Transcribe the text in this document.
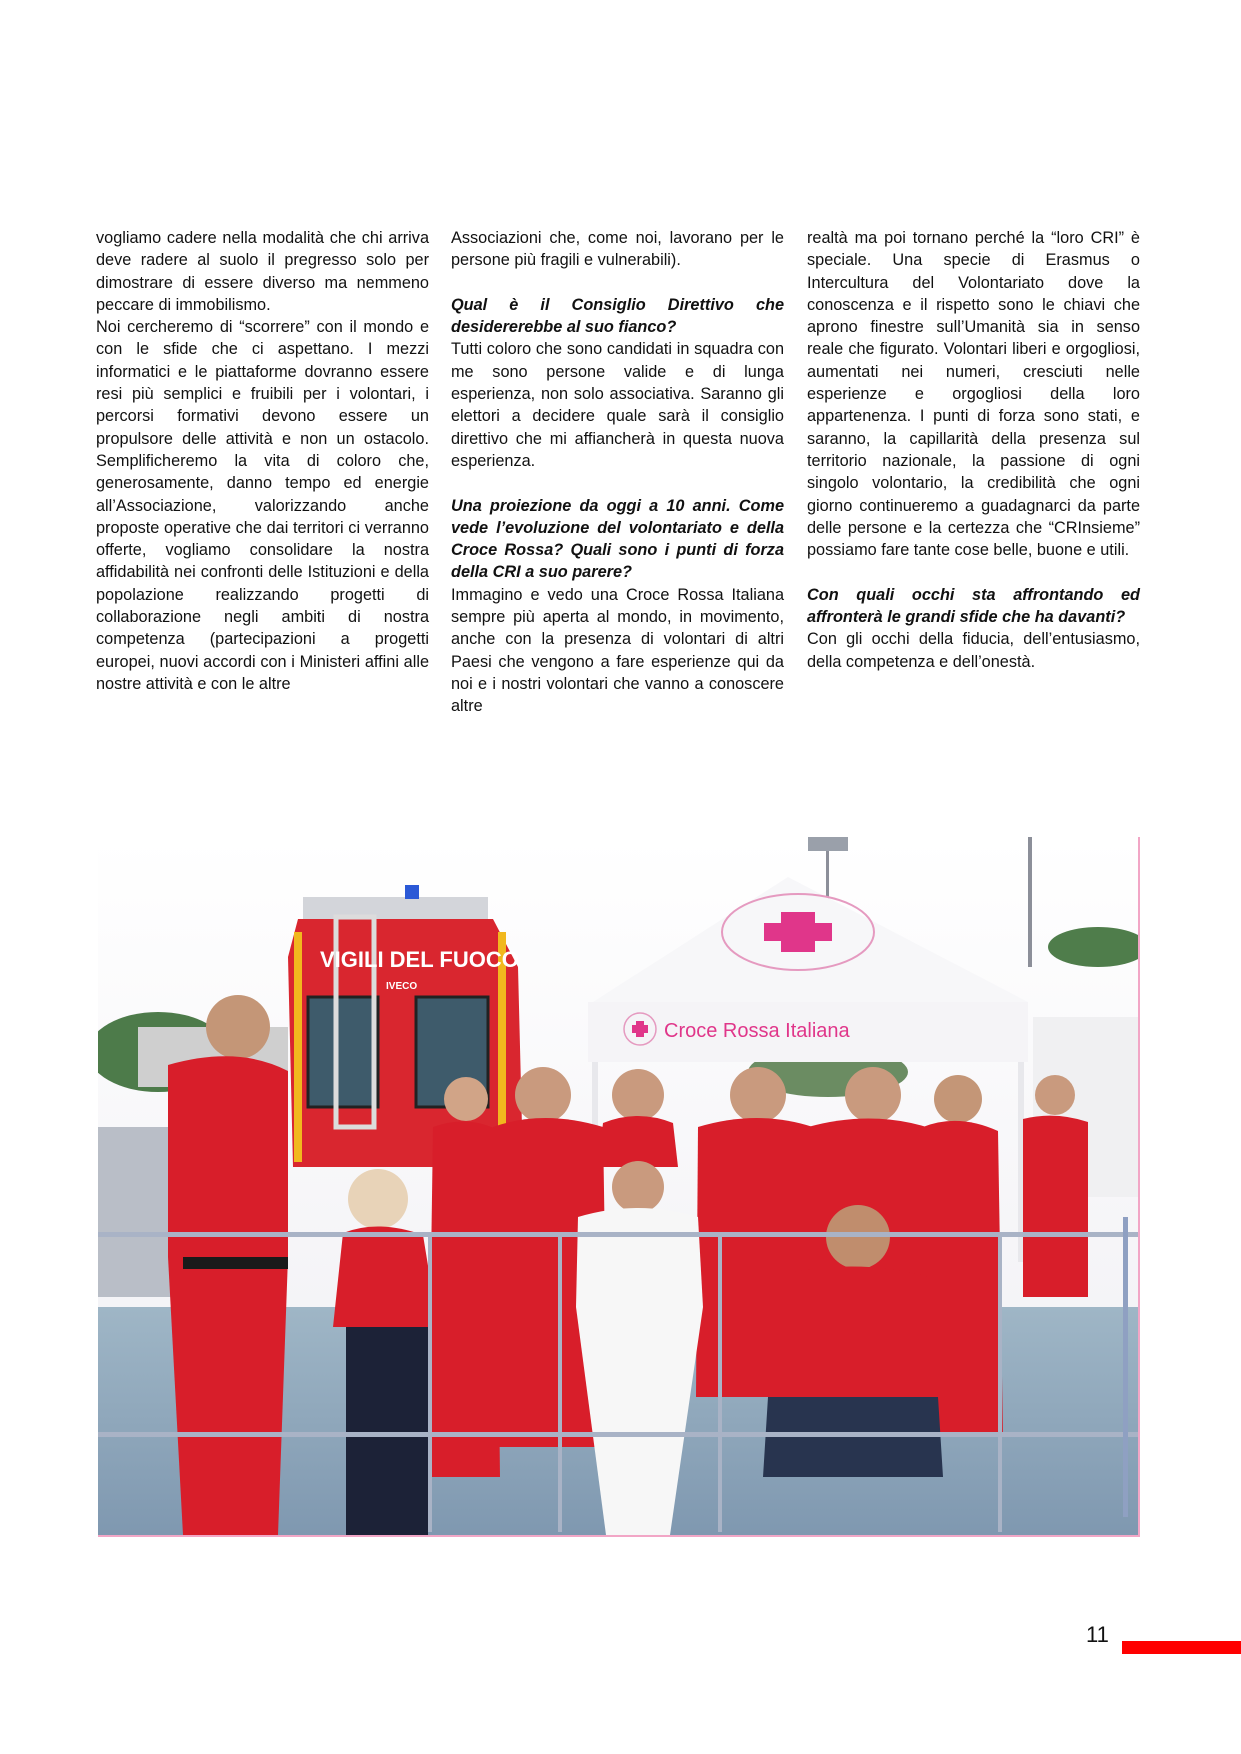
vogliamo cadere nella modalità che chi arriva deve radere al suolo il pregresso solo per dimostrare di essere diverso ma nemmeno peccare di immobilismo.

Noi cercheremo di “scorrere” con il mondo e con le sfide che ci aspettano. I mezzi informatici e le piattaforme dovranno essere resi più semplici e fruibili per i volontari, i percorsi formativi devono essere un propulsore delle attività e non un ostacolo. Semplificheremo la vita di coloro che, generosamente, danno tempo ed energie all’Associazione, valorizzando anche proposte operative che dai territori ci verranno offerte, vogliamo consolidare la nostra affidabilità nei confronti delle Istituzioni e della popolazione realizzando progetti di collaborazione negli ambiti di nostra competenza (partecipazioni a progetti europei, nuovi accordi con i Ministeri affini alle nostre attività e con le altre

Associazioni che, come noi, lavorano per le persone più fragili e vulnerabili).

Qual è il Consiglio Direttivo che desidererebbe al suo fianco?

Tutti coloro che sono candidati in squadra con me sono persone valide e di lunga esperienza, non solo associativa. Saranno gli elettori a decidere quale sarà il consiglio direttivo che mi affiancherà in questa nuova esperienza.

Una proiezione da oggi a 10 anni. Come vede l’evoluzione del volontariato e della Croce Rossa? Quali sono i punti di forza della CRI a suo parere?

Immagino e vedo una Croce Rossa Italiana sempre più aperta al mondo, in movimento, anche con la presenza di volontari di altri Paesi che vengono a fare esperienze qui da noi e i nostri volontari che vanno a conoscere altre

realtà ma poi tornano perché la “loro CRI” è speciale. Una specie di Erasmus o Intercultura del Volontariato dove la conoscenza e il rispetto sono le chiavi che aprono finestre sull’Umanità sia in senso reale che figurato. Volontari liberi e orgogliosi, aumentati nei numeri, cresciuti nelle esperienze e orgogliosi della loro appartenenza. I punti di forza sono stati, e saranno, la capillarità della presenza sul territorio nazionale, la passione di ogni singolo volontario, la credibilità che ogni giorno continueremo a guadagnarci da parte delle persone e la certezza che “CRInsieme” possiamo fare tante cose belle, buone e utili.

Con quali occhi sta affrontando ed affronterà le grandi sfide che ha davanti?

Con gli occhi della fiducia, dell’entusiasmo, della competenza e dell’onestà.

VIGILI DEL FUOCO
IVECO
Croce Rossa Italiana
11
